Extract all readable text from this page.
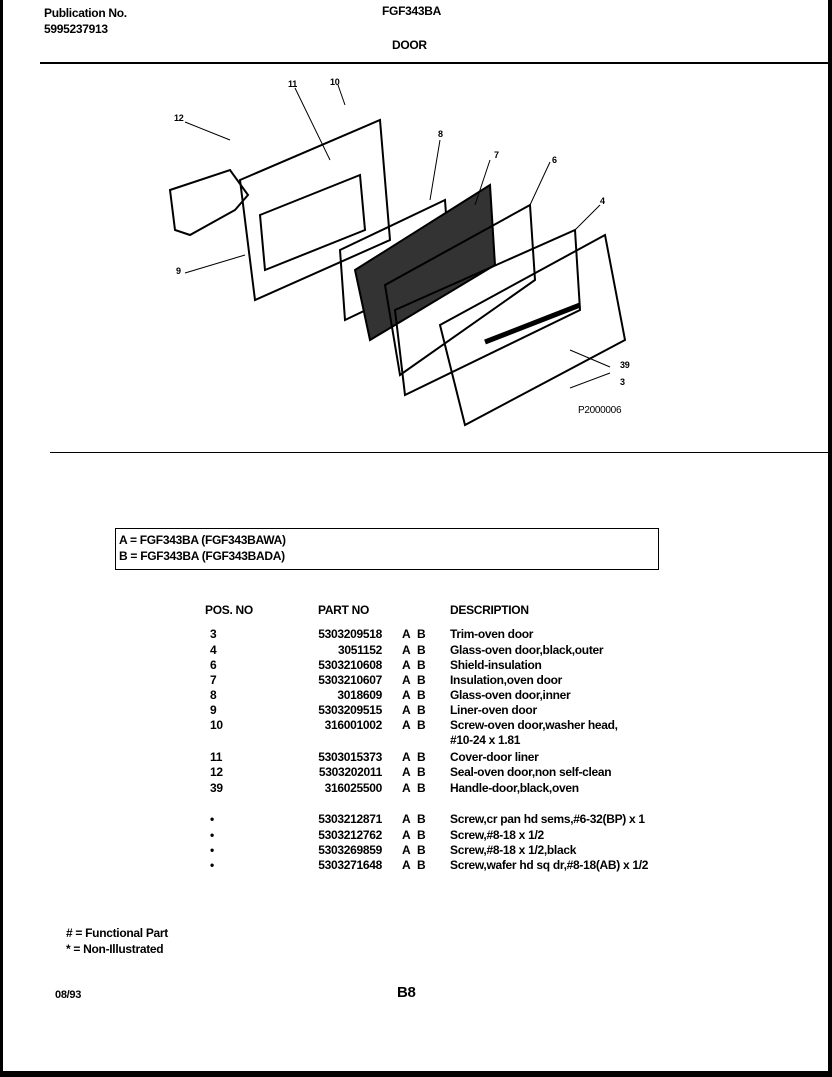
Publication No.
5995237913
FGF343BA
DOOR
12
11	10
8
7	6
4
9
39
3
P2000006
A = FGF343BA (FGF343BAWA)
B = FGF343BA (FGF343BADA)
POS. NO	PART NO	DESCRIPTION
3	5303209518 A B Trim-oven door
4	3051152 A B Glass-oven door,black,outer
6	5303210608 A B Shield-insulation
7	5303210607 A B Insulation,oven door
8	3018609 A B Glass-oven door,inner
9	5303209515 A B Liner-oven door
10	316001002 A B Screw-oven door,washer head,
#10-24 x 1.81
11	5303015373 A B Cover-door liner
12	5303202011 A B Seal-oven door,non self-clean
39	316025500 A B Handle-door,black,oven
•	5303212871 A B Screw,cr pan hd sems,#6-32(BP) x 1
•	5303212762 A B Screw,#8-18 x 1/2
•	5303269859 A B Screw,#8-18 x 1/2,black
•	5303271648 A B Screw,wafer hd sq dr,#8-18(AB) x 1/2
# = Functional Part
* = Non-Illustrated
08/93	B8
